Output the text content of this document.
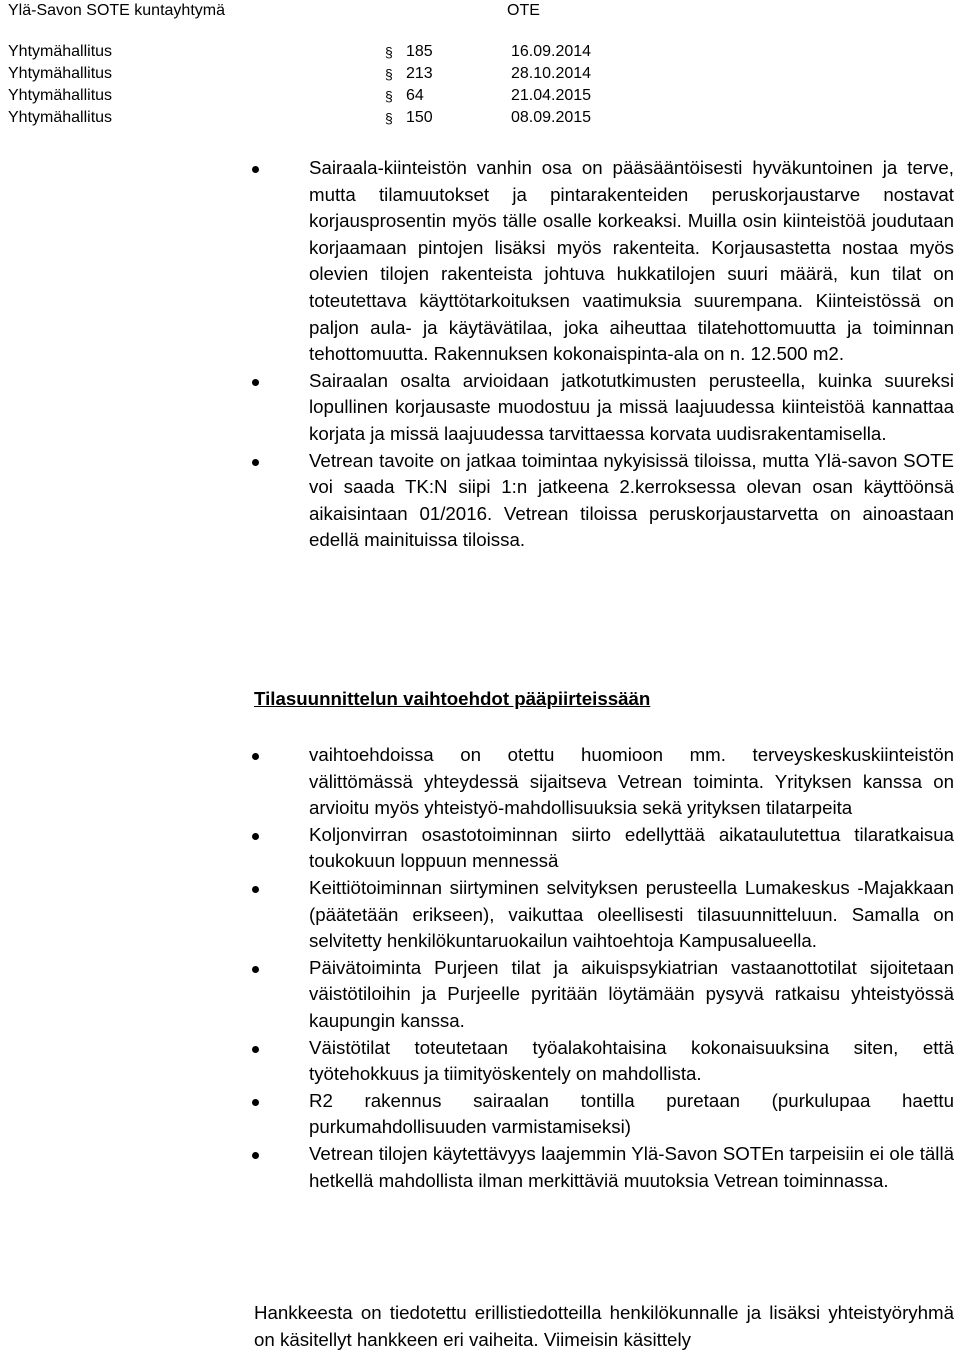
Ylä-Savon SOTE kuntayhtymä	OTE
Yhtymähallitus	§ 185	16.09.2014
Yhtymähallitus	§ 213	28.10.2014
Yhtymähallitus	§ 64	21.04.2015
Yhtymähallitus	§ 150	08.09.2015
Sairaala-kiinteistön vanhin osa on pääsääntöisesti hyväkuntoinen ja terve, mutta tilamuutokset ja pintarakenteiden peruskorjaustarve nostavat korjausprosentin myös tälle osalle korkeaksi. Muilla osin kiinteistöä joudutaan korjaamaan pintojen lisäksi myös rakenteita. Korjausastetta nostaa myös olevien tilojen rakenteista johtuva hukkatilojen suuri määrä, kun tilat on toteutettava käyttötarkoituksen vaatimuksia suurempana. Kiinteistössä on paljon aula- ja käytävätilaa, joka aiheuttaa tilatehottomuutta ja toiminnan tehottomuutta. Rakennuksen kokonaispinta-ala on n. 12.500 m2.
Sairaalan osalta arvioidaan jatkotutkimusten perusteella, kuinka suureksi lopullinen korjausaste muodostuu ja missä laajuudessa kiinteistöä kannattaa korjata ja missä laajuudessa tarvittaessa korvata uudisrakentamisella.
Vetrean tavoite on jatkaa toimintaa nykyisissä tiloissa, mutta Ylä-savon SOTE voi saada TK:N siipi 1:n jatkeena 2.kerroksessa olevan osan käyttöönsä aikaisintaan 01/2016. Vetrean tiloissa peruskorjaustarvetta on ainoastaan edellä mainituissa tiloissa.
Tilasuunnittelun vaihtoehdot pääpiirteissään
vaihtoehdoissa on otettu huomioon mm. terveyskeskuskiinteistön välittömässä yhteydessä sijaitseva Vetrean toiminta. Yrityksen kanssa on arvioitu myös yhteistyö-mahdollisuuksia sekä yrityksen tilatarpeita
Koljonvirran osastotoiminnan siirto edellyttää aikataulutettua tilaratkaisua toukokuun loppuun mennessä
Keittiötoiminnan siirtyminen selvityksen perusteella Lumakeskus -Majakkaan (päätetään erikseen), vaikuttaa oleellisesti tilasuunnitteluun. Samalla on selvitetty henkilökuntaruokailun vaihtoehtoja Kampusalueella.
Päivätoiminta Purjeen tilat ja aikuispsykiatrian vastaanottotilat sijoitetaan väistötiloihin ja Purjeelle pyritään löytämään pysyvä ratkaisu yhteistyössä kaupungin kanssa.
Väistötilat toteutetaan työalakohtaisina kokonaisuuksina siten, että työtehokkuus ja tiimityöskentely on mahdollista.
R2 rakennus sairaalan tontilla puretaan (purkulupaa haettu purkumahdollisuuden varmistamiseksi)
Vetrean tilojen käytettävyys laajemmin Ylä-Savon SOTEn tarpeisiin ei ole tällä hetkellä mahdollista ilman merkittäviä muutoksia Vetrean toiminnassa.

Hankkeesta on tiedotettu erillistiedotteilla henkilökunnalle ja lisäksi yhteistyöryhmä on käsitellyt hankkeen eri vaiheita. Viimeisin käsittely
